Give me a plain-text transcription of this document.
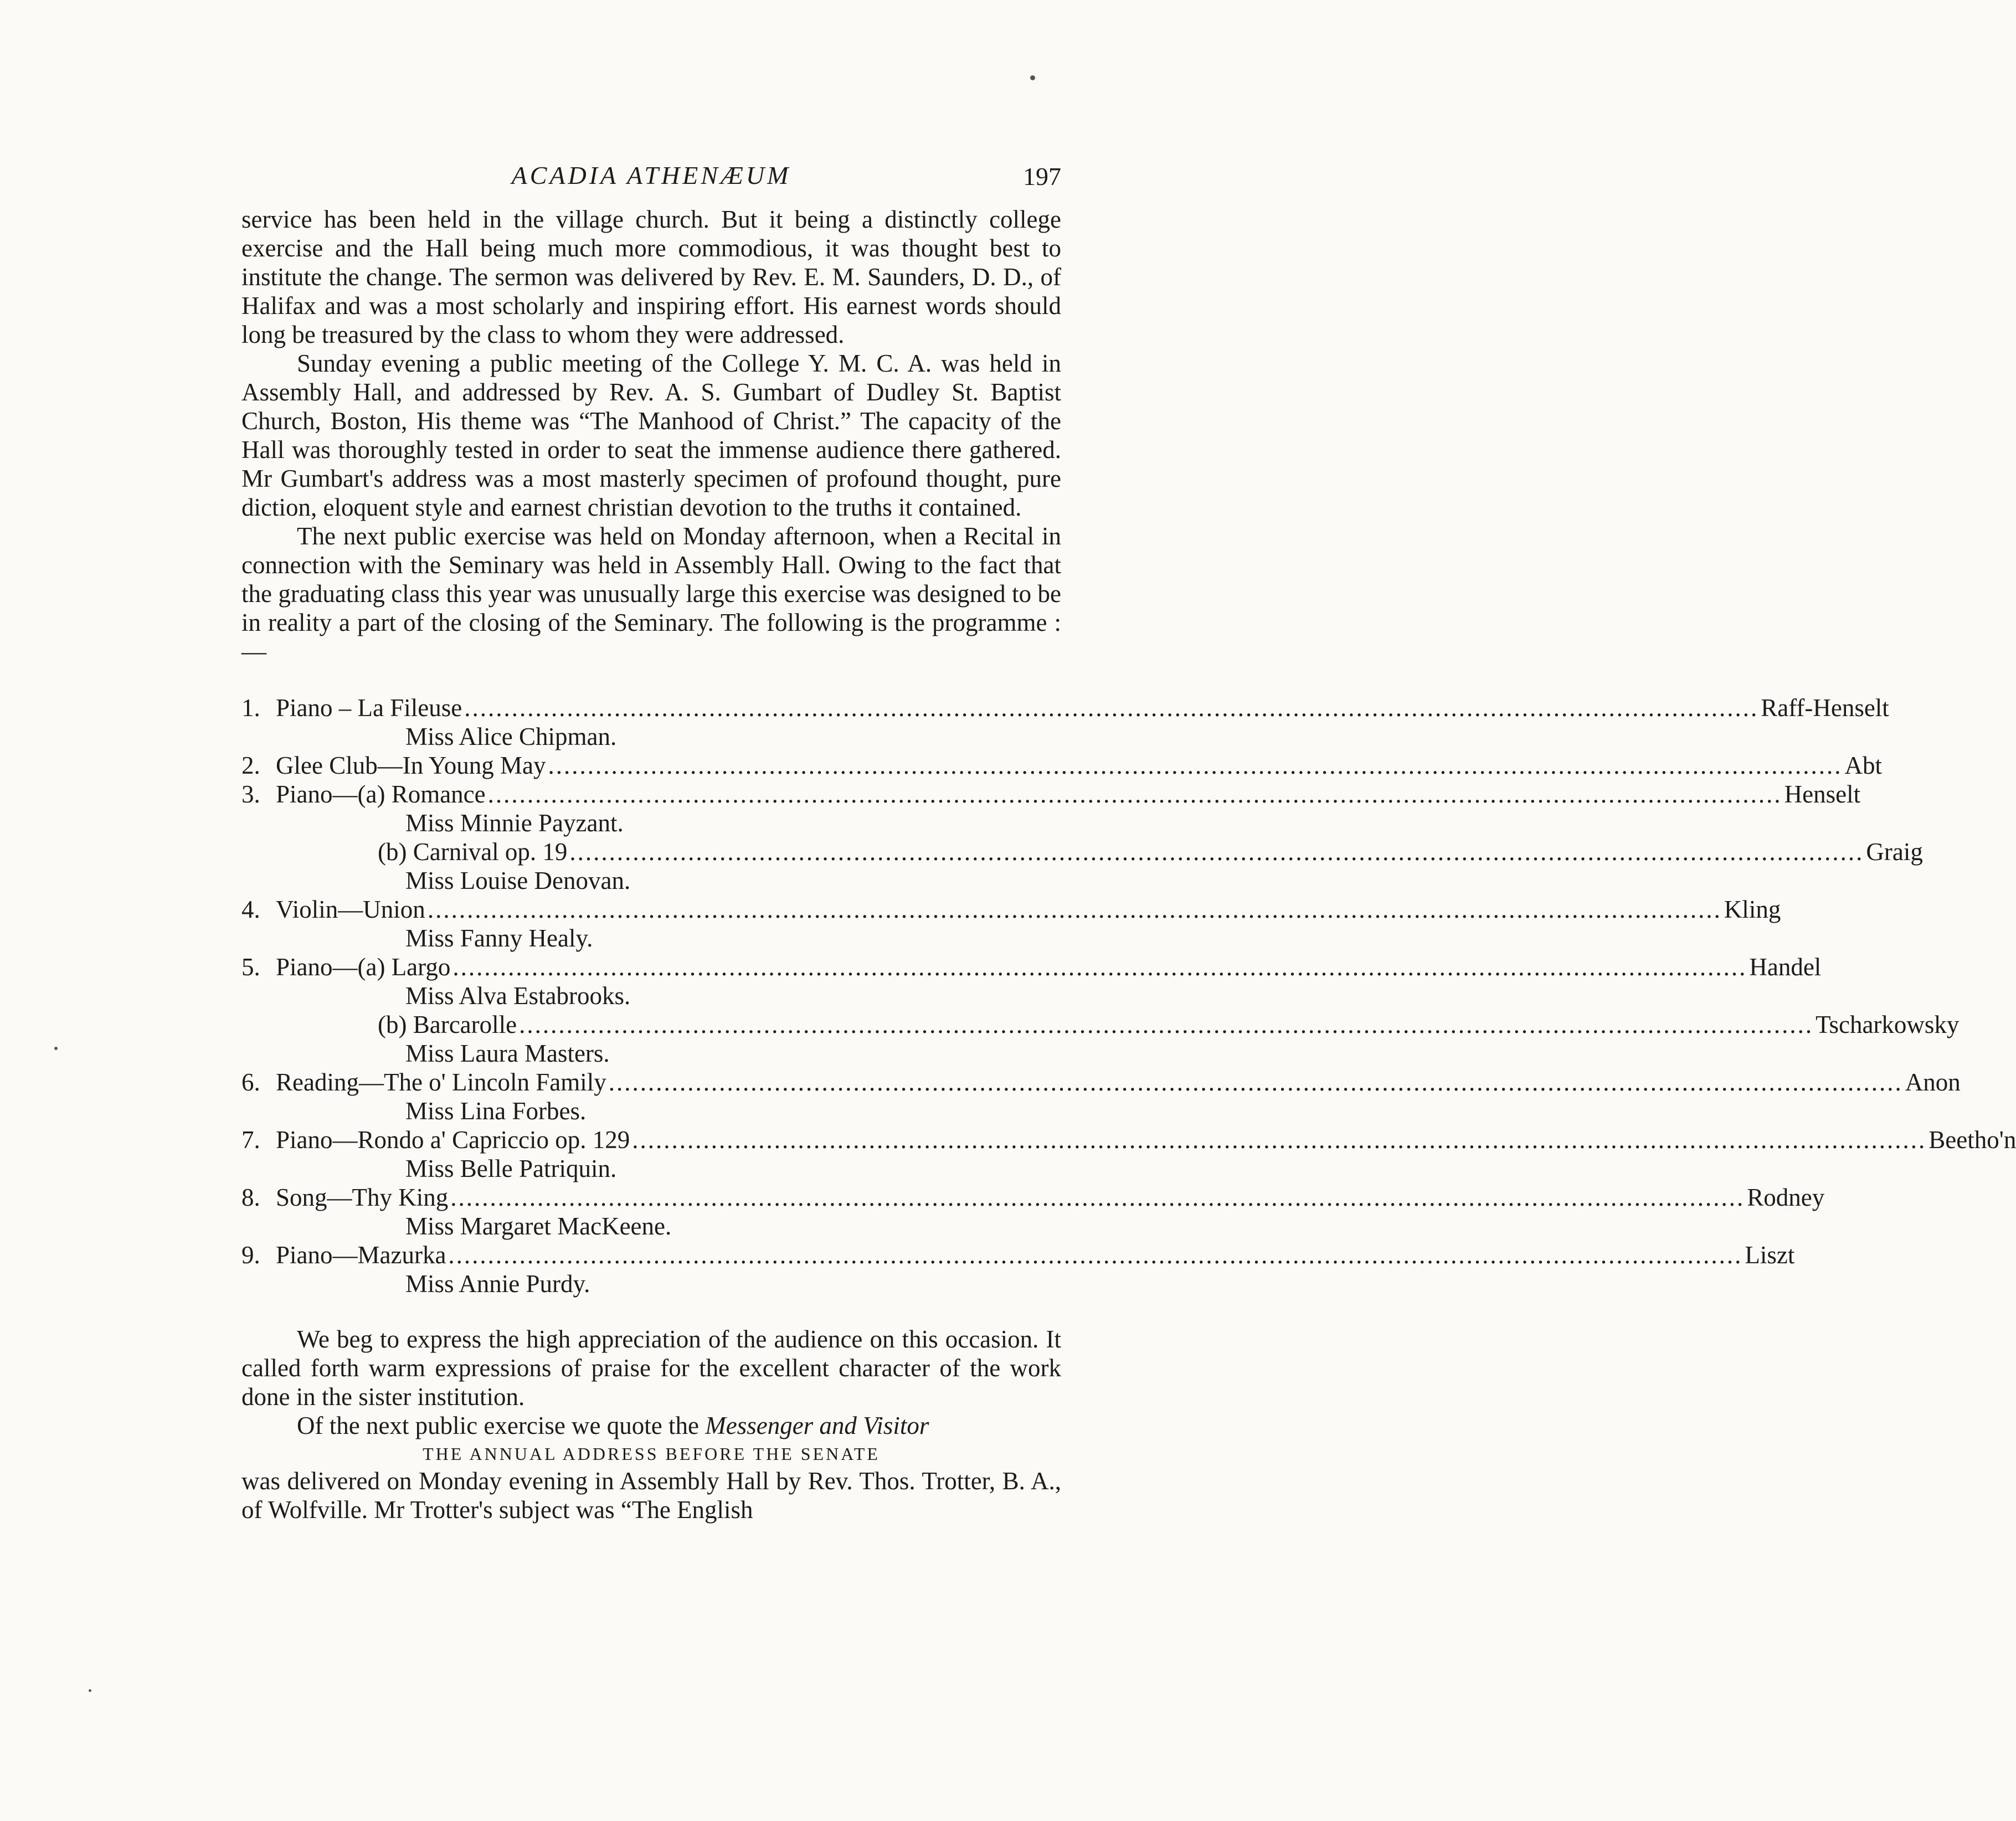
ACADIA ATHENÆUM	197

service has been held in the village church. But it being a distinctly college exercise and the Hall being much more commodious, it was thought best to institute the change. The sermon was delivered by Rev. E. M. Saunders, D. D., of Halifax and was a most scholarly and inspiring effort. His earnest words should long be treasured by the class to whom they were addressed.

Sunday evening a public meeting of the College Y. M. C. A. was held in Assembly Hall, and addressed by Rev. A. S. Gumbart of Dudley St. Baptist Church, Boston, His theme was “The Manhood of Christ.” The capacity of the Hall was thoroughly tested in order to seat the immense audience there gathered. Mr Gumbart's address was a most masterly specimen of profound thought, pure diction, eloquent style and earnest christian devotion to the truths it contained.

The next public exercise was held on Monday afternoon, when a Recital in connection with the Seminary was held in Assembly Hall. Owing to the fact that the graduating class this year was unusually large this exercise was designed to be in reality a part of the closing of the Seminary. The following is the programme :—

1. Piano – La Fileuse .................................................................................................................................................................... Raff-Henselt
Miss Alice Chipman.
2. Glee Club—In Young May .................................................................................................................................................................... Abt
3. Piano—(a) Romance .................................................................................................................................................................... Henselt
Miss Minnie Payzant.
(b) Carnival op. 19 .................................................................................................................................................................... Graig
Miss Louise Denovan.
4. Violin—Union .................................................................................................................................................................... Kling
Miss Fanny Healy.
5. Piano—(a) Largo .................................................................................................................................................................... Handel
Miss Alva Estabrooks.
(b) Barcarolle .................................................................................................................................................................... Tscharkowsky
Miss Laura Masters.
6. Reading—The o' Lincoln Family .................................................................................................................................................................... Anon
Miss Lina Forbes.
7. Piano—Rondo a' Capriccio op. 129 .................................................................................................................................................................... Beetho'n
Miss Belle Patriquin.
8. Song—Thy King .................................................................................................................................................................... Rodney
Miss Margaret MacKeene.
9. Piano—Mazurka .................................................................................................................................................................... Liszt
Miss Annie Purdy.

We beg to express the high appreciation of the audience on this occasion. It called forth warm expressions of praise for the excellent character of the work done in the sister institution.

Of the next public exercise we quote the Messenger and Visitor

THE ANNUAL ADDRESS BEFORE THE SENATE

was delivered on Monday evening in Assembly Hall by Rev. Thos. Trotter, B. A., of Wolfville. Mr Trotter's subject was “The English
